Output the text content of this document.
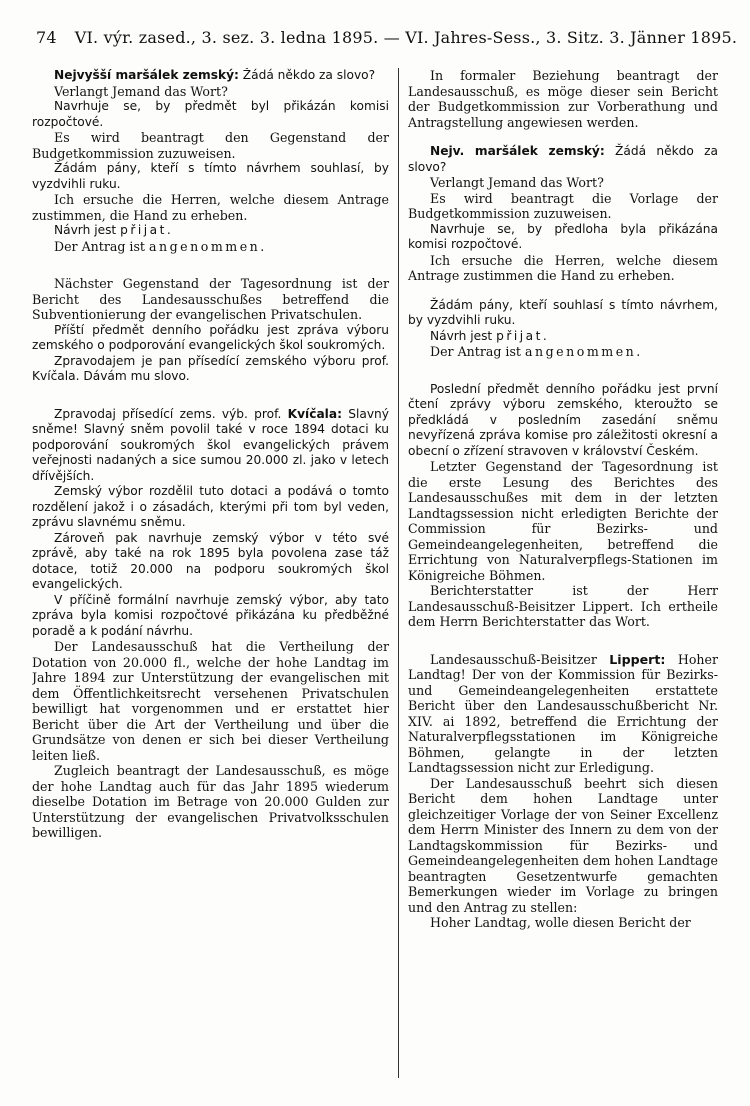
74 VI. výr. zased., 3. sez. 3. ledna 1895. — VI. Jahres-Sess., 3. Sitz. 3. Jänner 1895.

Nejvyšší maršálek zemský: Žádá někdo za slovo?

Verlangt Jemand das Wort?

Navrhuje se, by předmět byl přikázán komisi rozpočtové.

Es wird beantragt den Gegenstand der Budgetkommission zuzuweisen.

Žádám pány, kteří s tímto návrhem souhlasí, by vyzdvihli ruku.

Ich ersuche die Herren, welche diesem Antrage zustimmen, die Hand zu erheben.

Návrh jest přijat.

Der Antrag ist angenommen.

Nächster Gegenstand der Tagesordnung ist der Bericht des Landesausschußes betreffend die Subventionierung der evangelischen Privatschulen.

Příští předmět denního pořádku jest zpráva výboru zemského o podporování evangelických škol soukromých.

Zpravodajem je pan přísedící zemského výboru prof. Kvíčala. Dávám mu slovo.

Zpravodaj přísedící zems. výb. prof. Kvíčala: Slavný sněme! Slavný sněm povolil také v roce 1894 dotaci ku podporování soukromých škol evangelických právem veřejnosti nadaných a sice sumou 20.000 zl. jako v letech dřívějších.

Zemský výbor rozdělil tuto dotaci a podává o tomto rozdělení jakož i o zásadách, kterými při tom byl veden, zprávu slavnému sněmu.

Zároveň pak navrhuje zemský výbor v této své zprávě, aby také na rok 1895 byla povolena zase táž dotace, totiž 20.000 na podporu soukromých škol evangelických.

V příčině formální navrhuje zemský výbor, aby tato zpráva byla komisi rozpočtové přikázána ku předběžné poradě a k podání návrhu.

Der Landesausschuß hat die Vertheilung der Dotation von 20.000 fl., welche der hohe Landtag im Jahre 1894 zur Unterstützung der evangelischen mit dem Öffentlichkeitsrecht versehenen Privatschulen bewilligt hat vorgenommen und er erstattet hier Bericht über die Art der Vertheilung und über die Grundsätze von denen er sich bei dieser Vertheilung leiten ließ.

Zugleich beantragt der Landesausschuß, es möge der hohe Landtag auch für das Jahr 1895 wiederum dieselbe Dotation im Betrage von 20.000 Gulden zur Unterstützung der evangelischen Privatvolksschulen bewilligen.

In formaler Beziehung beantragt der Landesausschuß, es möge dieser sein Bericht der Budgetkommission zur Vorberathung und Antragstellung angewiesen werden.

Nejv. maršálek zemský: Žádá někdo za slovo?

Verlangt Jemand das Wort?

Es wird beantragt die Vorlage der Budgetkommission zuzuweisen.

Navrhuje se, by předloha byla přikázána komisi rozpočtové.

Ich ersuche die Herren, welche diesem Antrage zustimmen die Hand zu erheben.

Žádám pány, kteří souhlasí s tímto návrhem, by vyzdvihli ruku.

Návrh jest přijat.

Der Antrag ist angenommen.

Poslední předmět denního pořádku jest první čtení zprávy výboru zemského, kteroužto se předkládá v posledním zasedání sněmu nevyřízená zpráva komise pro záležitosti okresní a obecní o zřízení stravoven v království Českém.

Letzter Gegenstand der Tagesordnung ist die erste Lesung des Berichtes des Landesausschußes mit dem in der letzten Landtagssession nicht erledigten Berichte der Commission für Bezirks- und Gemeindeangelegenheiten, betreffend die Errichtung von Naturalverpflegs-Stationen im Königreiche Böhmen.

Berichterstatter ist der Herr Landesausschuß-Beisitzer Lippert. Ich ertheile dem Herrn Berichterstatter das Wort.

Landesausschuß-Beisitzer Lippert: Hoher Landtag! Der von der Kommission für Bezirks- und Gemeindeangelegenheiten erstattete Bericht über den Landesausschußbericht Nr. XIV. ai 1892, betreffend die Errichtung der Naturalverpflegsstationen im Königreiche Böhmen, gelangte in der letzten Landtagssession nicht zur Erledigung.

Der Landesausschuß beehrt sich diesen Bericht dem hohen Landtage unter gleichzeitiger Vorlage der von Seiner Excellenz dem Herrn Minister des Innern zu dem von der Landtagskommission für Bezirks- und Gemeindeangelegenheiten dem hohen Landtage beantragten Gesetzentwurfe gemachten Bemerkungen wieder im Vorlage zu bringen und den Antrag zu stellen:

Hoher Landtag, wolle diesen Bericht der
